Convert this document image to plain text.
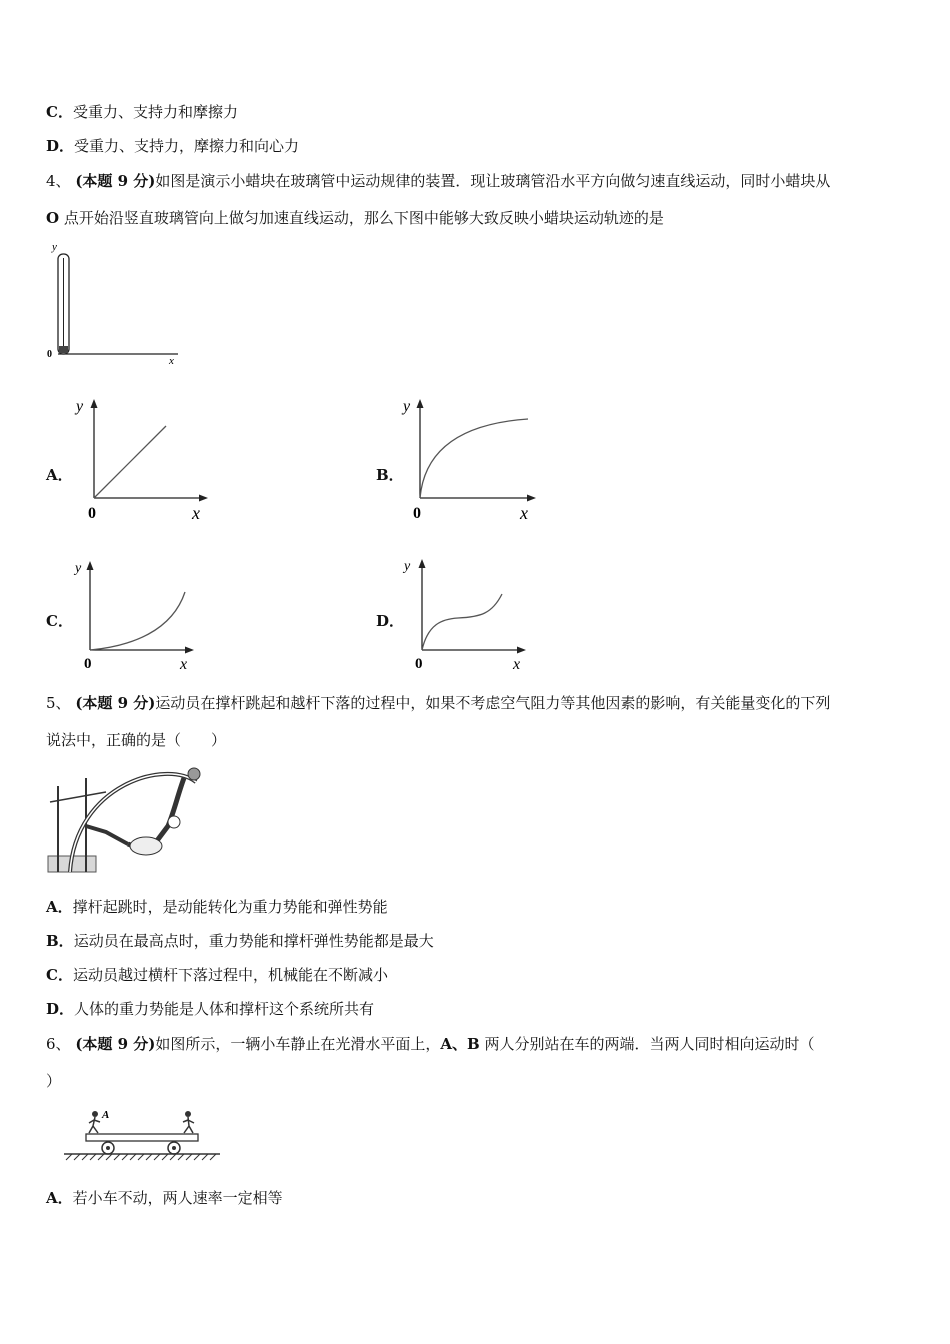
C．受重力、支持力和摩擦力
D．受重力、支持力，摩擦力和向心力
4、 (本题 9 分)如图是演示小蜡块在玻璃管中运动规律的装置．现让玻璃管沿水平方向做匀速直线运动，同时小蜡块从
O 点开始沿竖直玻璃管向上做匀加速直线运动，那么下图中能够大致反映小蜡块运动轨迹的是
y
0
x
A．
y
0	x
B．
y
0	x
C．
y
0	x
D．
y
0	x
5、 (本题 9 分)运动员在撑杆跳起和越杆下落的过程中，如果不考虑空气阻力等其他因素的影响，有关能量变化的下列
说法中，正确的是（　　）
A．撑杆起跳时，是动能转化为重力势能和弹性势能
B．运动员在最高点时，重力势能和撑杆弹性势能都是最大
C．运动员越过横杆下落过程中，机械能在不断减小
D．人体的重力势能是人体和撑杆这个系统所共有
6、 (本题 9 分)如图所示，一辆小车静止在光滑水平面上，A、B 两人分别站在车的两端．当两人同时相向运动时（
）
A
A．若小车不动，两人速率一定相等
